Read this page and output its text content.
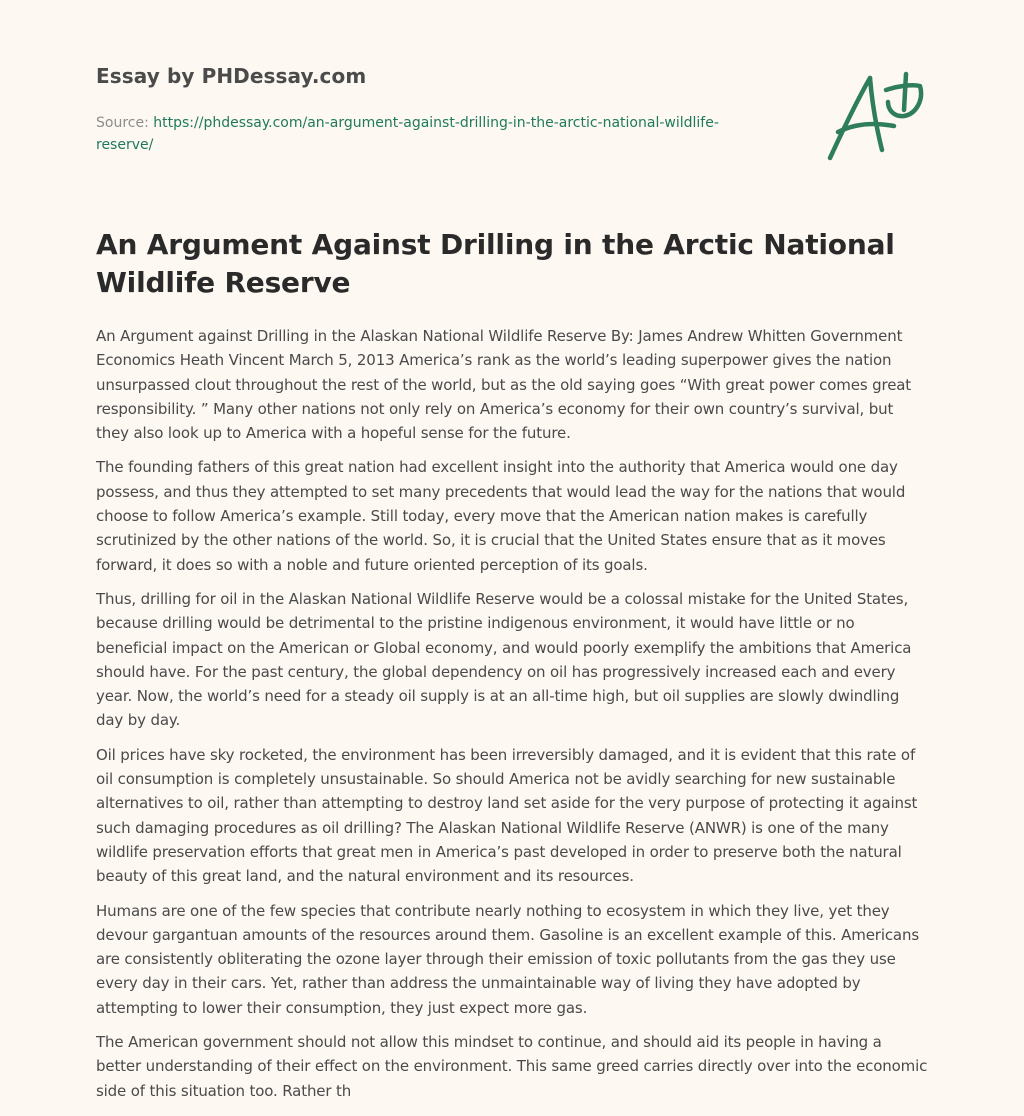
Essay by PHDessay.com
Source: https://phdessay.com/an-argument-against-drilling-in-the-arctic-national-wildlife-reserve/
An Argument Against Drilling in the Arctic National Wildlife Reserve

An Argument against Drilling in the Alaskan National Wildlife Reserve By: James Andrew Whitten Government Economics Heath Vincent March 5, 2013 America’s rank as the world’s leading superpower gives the nation unsurpassed clout throughout the rest of the world, but as the old saying goes “With great power comes great responsibility. ” Many other nations not only rely on America’s economy for their own country’s survival, but they also look up to America with a hopeful sense for the future.

The founding fathers of this great nation had excellent insight into the authority that America would one day possess, and thus they attempted to set many precedents that would lead the way for the nations that would choose to follow America’s example. Still today, every move that the American nation makes is carefully scrutinized by the other nations of the world. So, it is crucial that the United States ensure that as it moves forward, it does so with a noble and future oriented perception of its goals.

Thus, drilling for oil in the Alaskan National Wildlife Reserve would be a colossal mistake for the United States, because drilling would be detrimental to the pristine indigenous environment, it would have little or no beneficial impact on the American or Global economy, and would poorly exemplify the ambitions that America should have. For the past century, the global dependency on oil has progressively increased each and every year. Now, the world’s need for a steady oil supply is at an all-time high, but oil supplies are slowly dwindling day by day.

Oil prices have sky rocketed, the environment has been irreversibly damaged, and it is evident that this rate of oil consumption is completely unsustainable. So should America not be avidly searching for new sustainable alternatives to oil, rather than attempting to destroy land set aside for the very purpose of protecting it against such damaging procedures as oil drilling? The Alaskan National Wildlife Reserve (ANWR) is one of the many wildlife preservation efforts that great men in America’s past developed in order to preserve both the natural beauty of this great land, and the natural environment and its resources.

Humans are one of the few species that contribute nearly nothing to ecosystem in which they live, yet they devour gargantuan amounts of the resources around them. Gasoline is an excellent example of this. Americans are consistently obliterating the ozone layer through their emission of toxic pollutants from the gas they use every day in their cars. Yet, rather than address the unmaintainable way of living they have adopted by attempting to lower their consumption, they just expect more gas.

The American government should not allow this mindset to continue, and should aid its people in having a better understanding of their effect on the environment. This same greed carries directly over into the economic side of this situation too. Rather th
